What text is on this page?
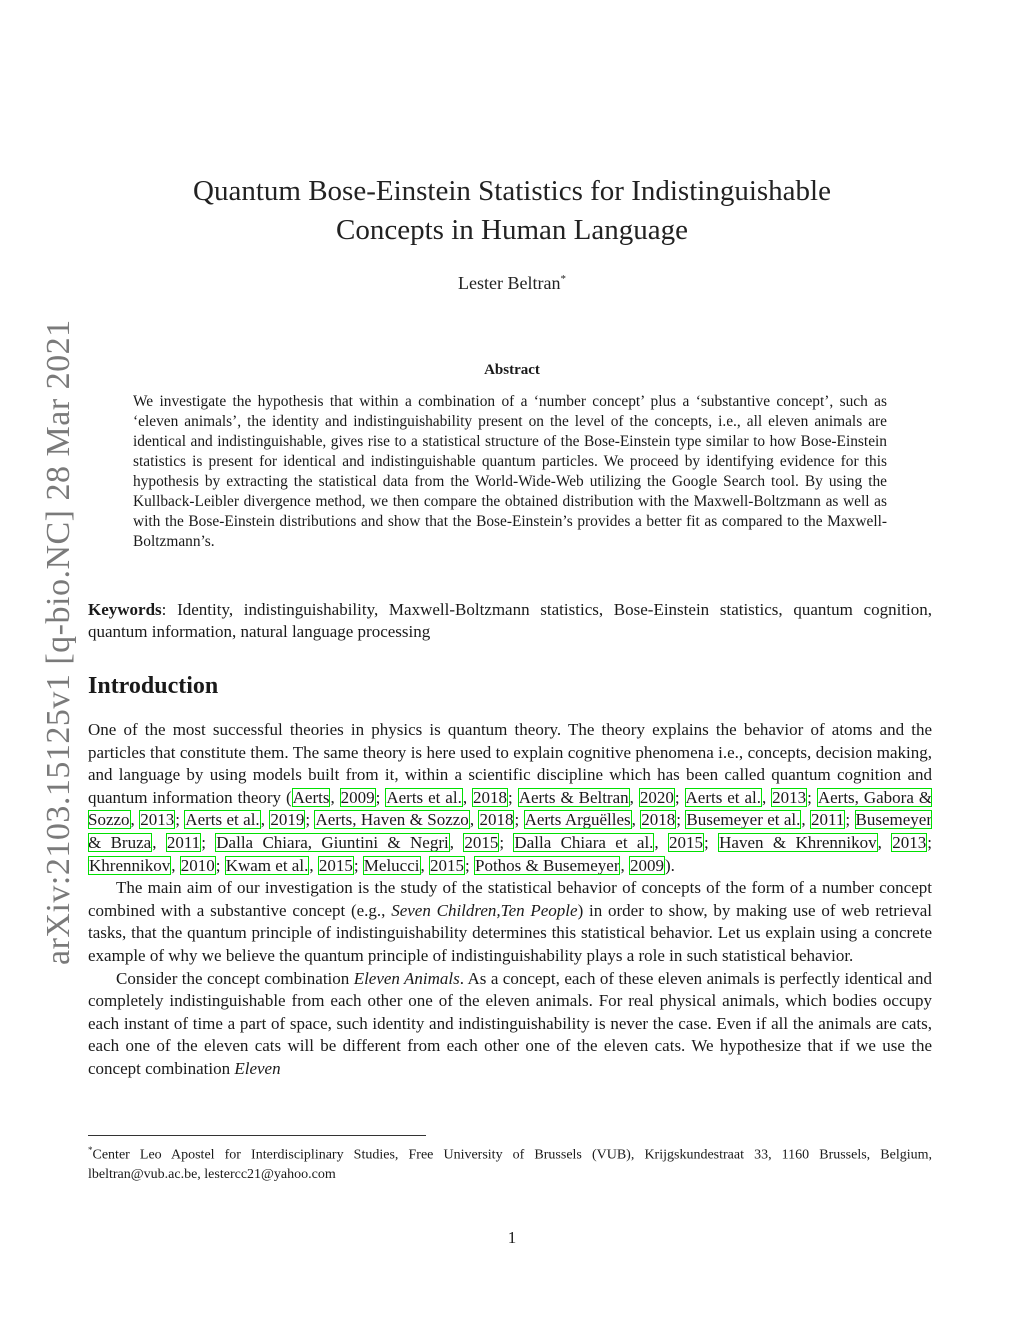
arXiv:2103.15125v1 [q-bio.NC] 28 Mar 2021
Quantum Bose-Einstein Statistics for Indistinguishable
Concepts in Human Language
Lester Beltran*
Abstract
We investigate the hypothesis that within a combination of a ‘number concept’ plus a ‘substantive concept’, such as ‘eleven animals’, the identity and indistinguishability present on the level of the concepts, i.e., all eleven animals are identical and indistinguishable, gives rise to a statistical structure of the Bose-Einstein type similar to how Bose-Einstein statistics is present for identical and indistinguishable quantum particles. We proceed by identifying evidence for this hypothesis by extracting the statistical data from the World-Wide-Web utilizing the Google Search tool. By using the Kullback-Leibler divergence method, we then compare the obtained distribution with the Maxwell-Boltzmann as well as with the Bose-Einstein distributions and show that the Bose-Einstein’s provides a better fit as compared to the Maxwell-Boltzmann’s.
Keywords: Identity, indistinguishability, Maxwell-Boltzmann statistics, Bose-Einstein statistics, quantum cognition, quantum information, natural language processing
Introduction

One of the most successful theories in physics is quantum theory. The theory explains the behavior of atoms and the particles that constitute them. The same theory is here used to explain cognitive phenomena i.e., concepts, decision making, and language by using models built from it, within a scientific discipline which has been called quantum cognition and quantum information theory (Aerts, 2009; Aerts et al., 2018; Aerts & Beltran, 2020; Aerts et al., 2013; Aerts, Gabora & Sozzo, 2013; Aerts et al., 2019; Aerts, Haven & Sozzo, 2018; Aerts Arguëlles, 2018; Busemeyer et al., 2011; Busemeyer & Bruza, 2011; Dalla Chiara, Giuntini & Negri, 2015; Dalla Chiara et al., 2015; Haven & Khrennikov, 2013; Khrennikov, 2010; Kwam et al., 2015; Melucci, 2015; Pothos & Busemeyer, 2009).

The main aim of our investigation is the study of the statistical behavior of concepts of the form of a number concept combined with a substantive concept (e.g., Seven Children,Ten People) in order to show, by making use of web retrieval tasks, that the quantum principle of indistinguishability determines this statistical behavior. Let us explain using a concrete example of why we believe the quantum principle of indistinguishability plays a role in such statistical behavior.

Consider the concept combination Eleven Animals. As a concept, each of these eleven animals is perfectly identical and completely indistinguishable from each other one of the eleven animals. For real physical animals, which bodies occupy each instant of time a part of space, such identity and indistinguishability is never the case. Even if all the animals are cats, each one of the eleven cats will be different from each other one of the eleven cats. We hypothesize that if we use the concept combination Eleven

*Center Leo Apostel for Interdisciplinary Studies, Free University of Brussels (VUB), Krijgskundestraat 33, 1160 Brussels, Belgium, lbeltran@vub.ac.be, lestercc21@yahoo.com
1
